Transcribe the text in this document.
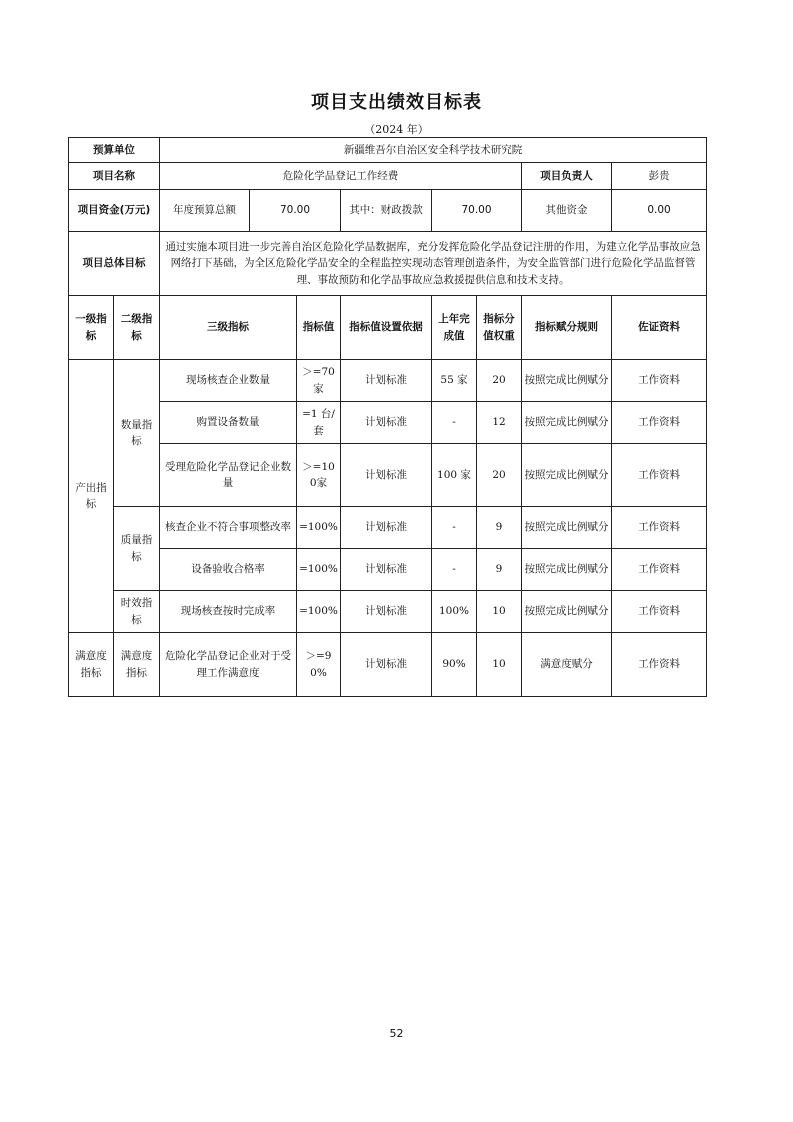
项目支出绩效目标表
（2024 年）
预算单位		新疆维吾尔自治区安全科学技术研究院							
项目名称		危险化学品登记工作经费						项目负责人	彭贵
项目资金(万元)		年度预算总额	70.00		其中：财政拨款	70.00		其他资金	0.00
项目总体目标		通过实施本项目进一步完善自治区危险化学品数据库，充分发挥危险化学品登记注册的作用，为建立化学品事故应急网络打下基础，为全区危险化学品安全的全程监控实现动态管理创造条件，为安全监管部门进行危险化学品监督管理、事故预防和化学品事故应急救援提供信息和技术支持。							
一级指标	二级指标	三级指标		指标值	指标值设置依据	上年完成值	指标分值权重	指标赋分规则	佐证资料
产出指标	数量指标	现场核查企业数量		＞=70家	计划标准	55 家	20	按照完成比例赋分	工作资料
		购置设备数量		=1 台/套	计划标准	-	12	按照完成比例赋分	工作资料
		受理危险化学品登记企业数量		＞=100家	计划标准	100 家	20	按照完成比例赋分	工作资料
	质量指标	核查企业不符合事项整改率		=100%	计划标准	-	9	按照完成比例赋分	工作资料
		设备验收合格率		=100%	计划标准	-	9	按照完成比例赋分	工作资料
	时效指标	现场核查按时完成率		=100%	计划标准	100%	10	按照完成比例赋分	工作资料
满意度指标	满意度指标	危险化学品登记企业对于受理工作满意度		＞=90%	计划标准	90%	10	满意度赋分	工作资料
52
